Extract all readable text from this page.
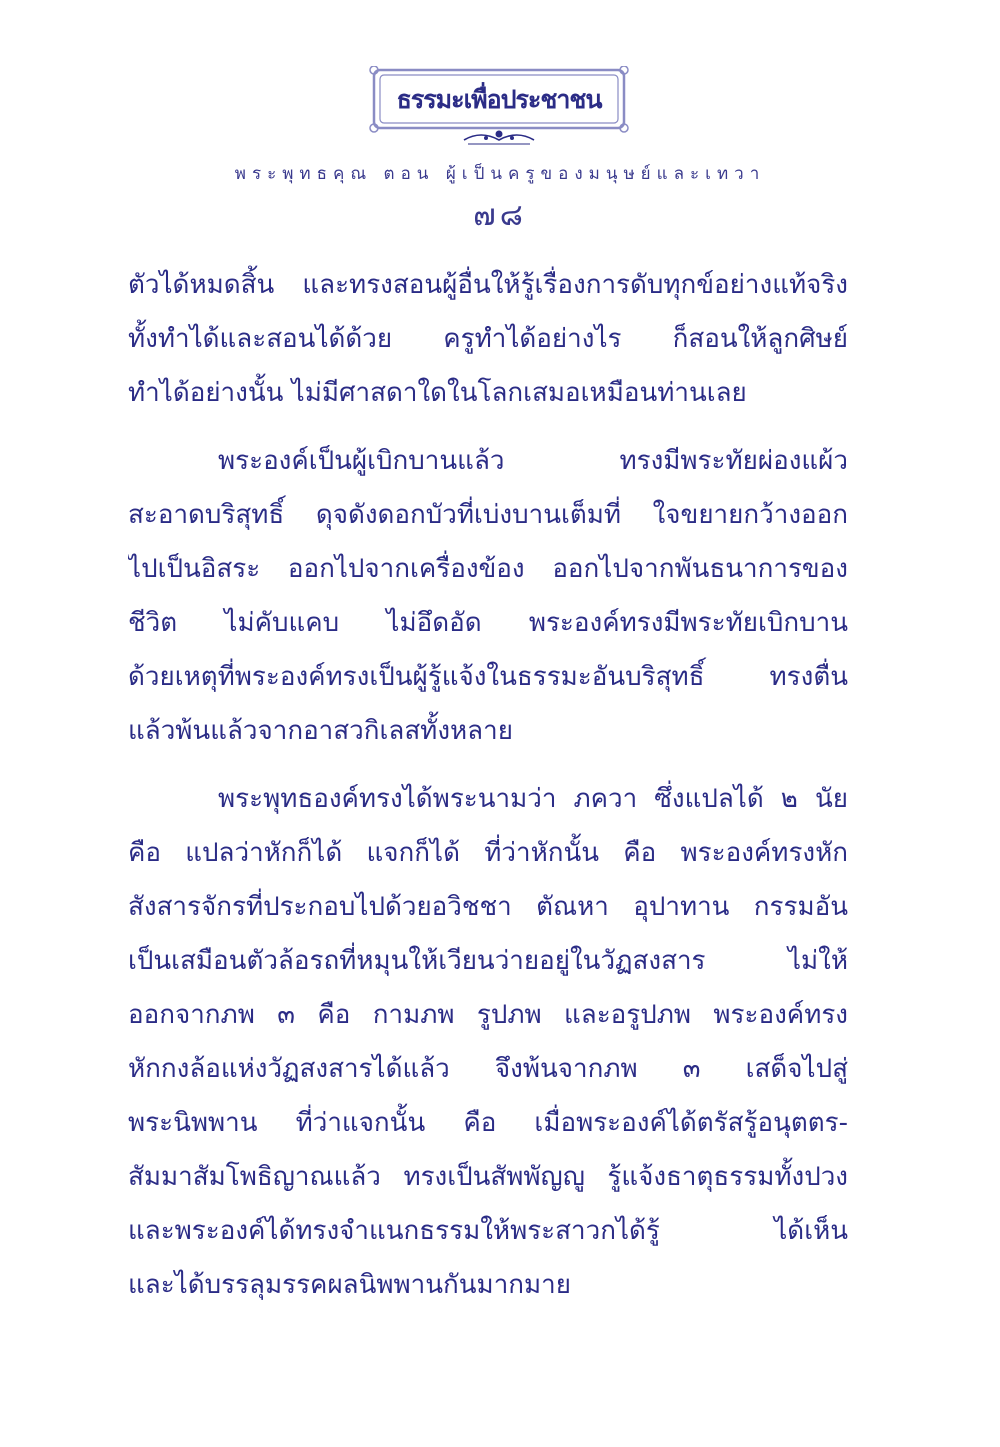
ธรรมะเพื่อประชาชน
พระพุทธคุณ ตอน ผู้เป็นครูของมนุษย์และเทวา
๗๘
ตัวได้หมดสิ้น และทรงสอนผู้อื่นให้รู้เรื่องการดับทุกข์อย่างแท้จริง
ทั้งทำได้และสอนได้ด้วย ครูทำได้อย่างไร ก็สอนให้ลูกศิษย์
ทำได้อย่างนั้น ไม่มีศาสดาใดในโลกเสมอเหมือนท่านเลย
พระองค์เป็นผู้เบิกบานแล้ว ทรงมีพระทัยผ่องแผ้ว
สะอาดบริสุทธิ์ ดุจดังดอกบัวที่เบ่งบานเต็มที่ ใจขยายกว้างออก
ไปเป็นอิสระ ออกไปจากเครื่องข้อง ออกไปจากพันธนาการของ
ชีวิต ไม่คับแคบ ไม่อึดอัด พระองค์ทรงมีพระทัยเบิกบาน
ด้วยเหตุที่พระองค์ทรงเป็นผู้รู้แจ้งในธรรมะอันบริสุทธิ์ ทรงตื่น
แล้วพ้นแล้วจากอาสวกิเลสทั้งหลาย
พระพุทธองค์ทรงได้พระนามว่า ภควา ซึ่งแปลได้ ๒ นัย
คือ แปลว่าหักก็ได้ แจกก็ได้ ที่ว่าหักนั้น คือ พระองค์ทรงหัก
สังสารจักรที่ประกอบไปด้วยอวิชชา ตัณหา อุปาทาน กรรมอัน
เป็นเสมือนตัวล้อรถที่หมุนให้เวียนว่ายอยู่ในวัฏสงสาร ไม่ให้
ออกจากภพ ๓ คือ กามภพ รูปภพ และอรูปภพ พระองค์ทรง
หักกงล้อแห่งวัฏสงสารได้แล้ว จึงพ้นจากภพ ๓ เสด็จไปสู่
พระนิพพาน ที่ว่าแจกนั้น คือ เมื่อพระองค์ได้ตรัสรู้อนุตตร-
สัมมาสัมโพธิญาณแล้ว ทรงเป็นสัพพัญญู รู้แจ้งธาตุธรรมทั้งปวง
และพระองค์ได้ทรงจำแนกธรรมให้พระสาวกได้รู้ ได้เห็น
และได้บรรลุมรรคผลนิพพานกันมากมาย
